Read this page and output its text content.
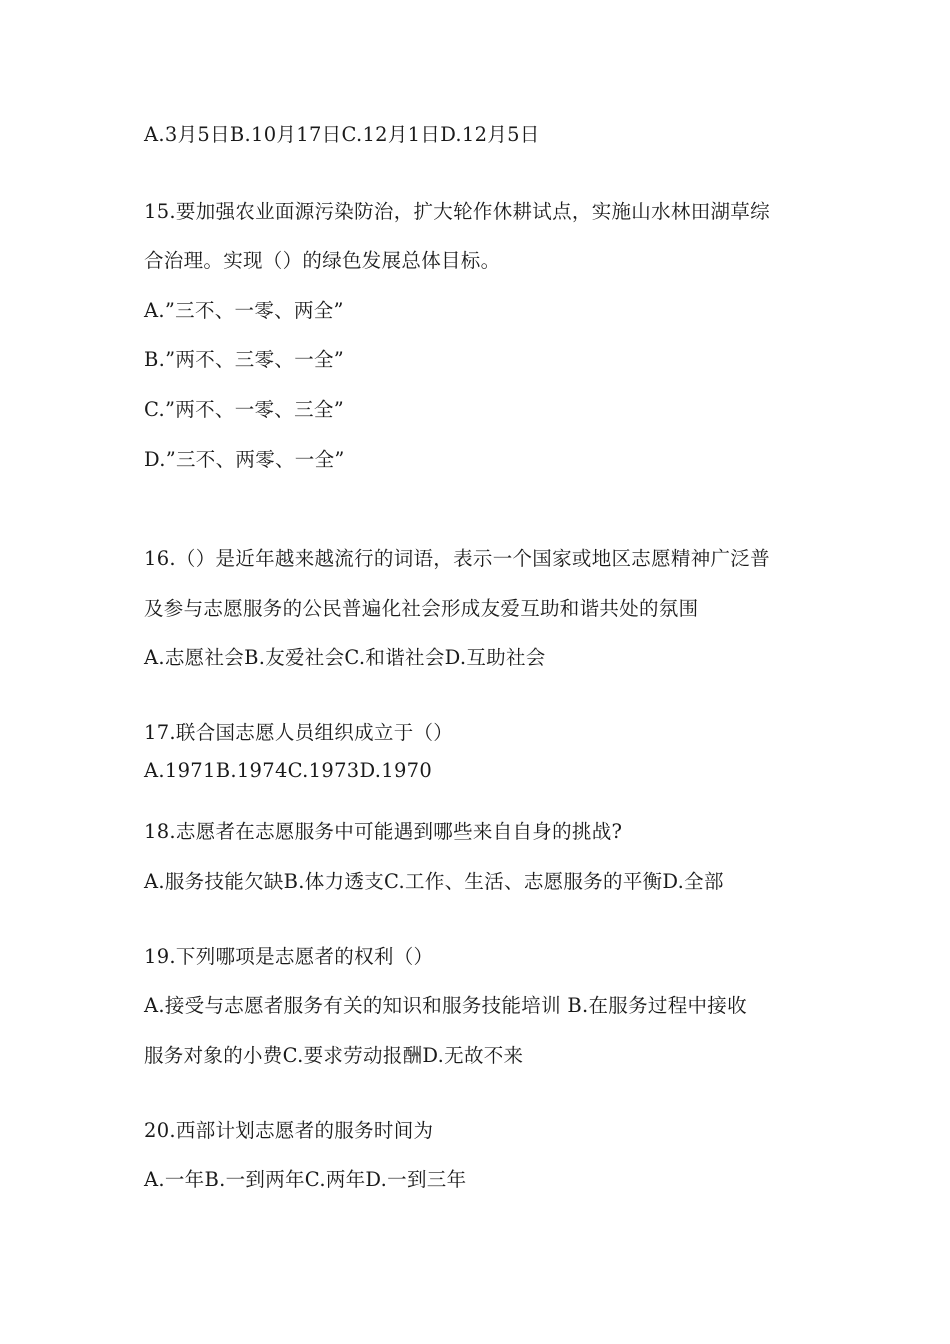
A.3月5日B.10月17日C.12月1日D.12月5日
15.要加强农业面源污染防治，扩大轮作休耕试点，实施山水林田湖草综
合治理。实现（）的绿色发展总体目标。
A.”三不、一零、两全”
B.”两不、三零、一全”
C.”两不、一零、三全”
D.”三不、两零、一全”
16.（）是近年越来越流行的词语，表示一个国家或地区志愿精神广泛普
及参与志愿服务的公民普遍化社会形成友爱互助和谐共处的氛围
A.志愿社会B.友爱社会C.和谐社会D.互助社会
17.联合国志愿人员组织成立于（）
A.1971B.1974C.1973D.1970
18.志愿者在志愿服务中可能遇到哪些来自自身的挑战?
A.服务技能欠缺B.体力透支C.工作、生活、志愿服务的平衡D.全部
19.下列哪项是志愿者的权利（）
A.接受与志愿者服务有关的知识和服务技能培训 B.在服务过程中接收
服务对象的小费C.要求劳动报酬D.无故不来
20.西部计划志愿者的服务时间为
A.一年B.一到两年C.两年D.一到三年
